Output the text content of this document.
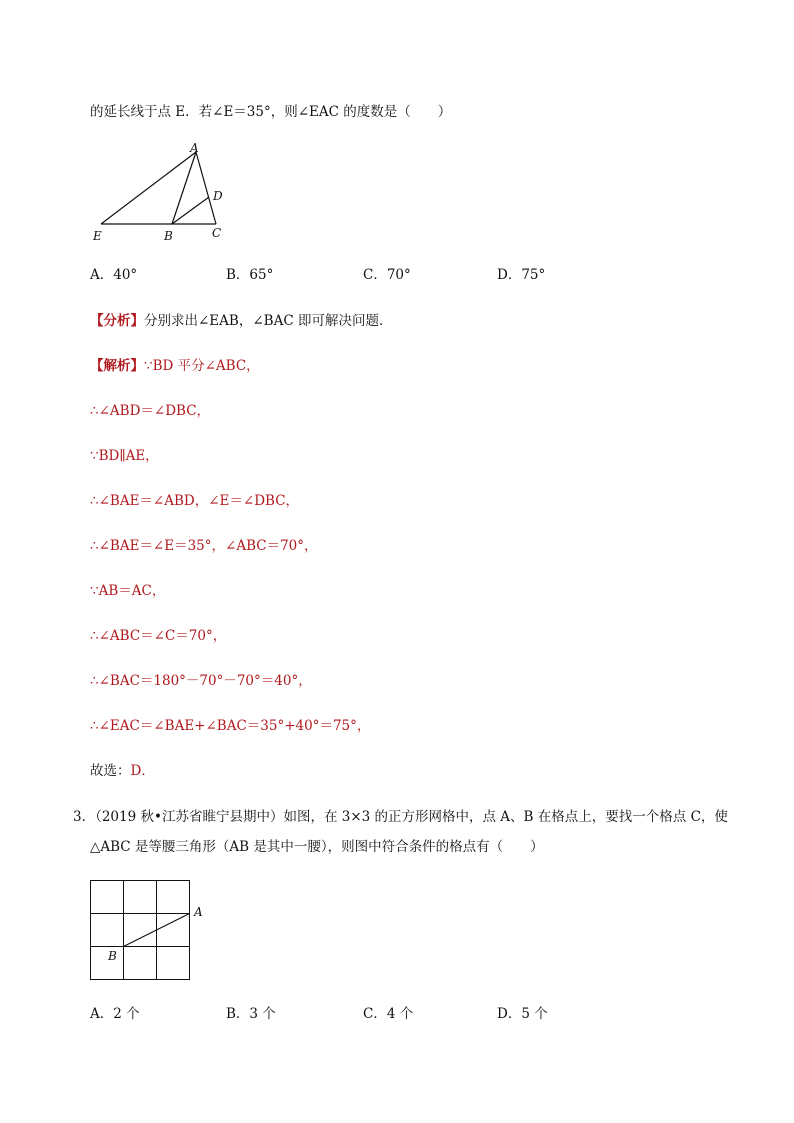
的延长线于点 E．若∠E＝35°，则∠EAC 的度数是（　　）
A
D
E	B	C
A．40°	B．65°	C．70°	D．75°
【分析】分别求出∠EAB，∠BAC 即可解决问题．
【解析】∵BD 平分∠ABC，
∴∠ABD＝∠DBC，
∵BD∥AE，
∴∠BAE＝∠ABD，∠E＝∠DBC，
∴∠BAE＝∠E＝35°，∠ABC＝70°，
∵AB＝AC，
∴∠ABC＝∠C＝70°，
∴∠BAC＝180°－70°－70°＝40°，
∴∠EAC＝∠BAE+∠BAC＝35°+40°＝75°，
故选：D．
3．（2019 秋•江苏省睢宁县期中）如图，在 3×3 的正方形网格中，点 A、B 在格点上，要找一个格点 C，使
△ABC 是等腰三角形（AB 是其中一腰），则图中符合条件的格点有（　　）
A
B
A．2 个	B．3 个	C．4 个	D．5 个
